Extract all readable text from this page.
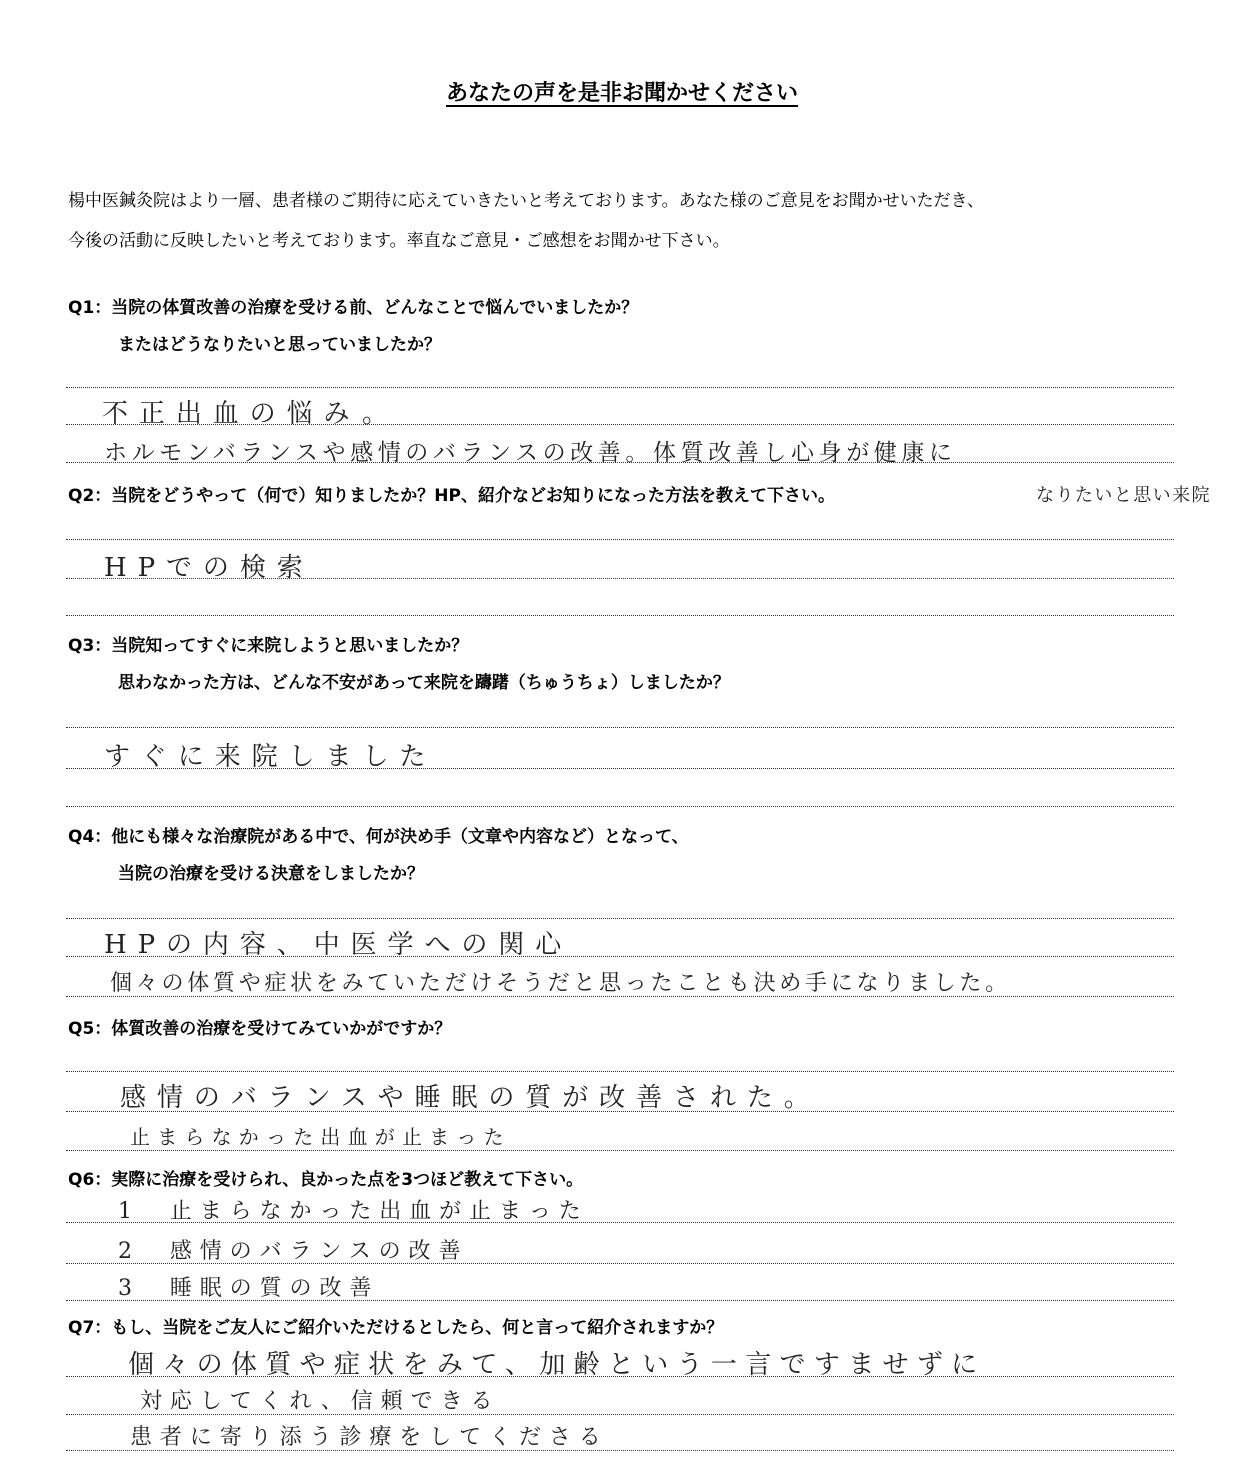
あなたの声を是非お聞かせください
楊中医鍼灸院はより一層、患者様のご期待に応えていきたいと考えております。あなた様のご意見をお聞かせいただき、
今後の活動に反映したいと考えております。率直なご意見・ご感想をお聞かせ下さい。
Q1：当院の体質改善の治療を受ける前、どんなことで悩んでいましたか？
またはどうなりたいと思っていましたか？
不正出血の悩み。
ホルモンバランスや感情のバランスの改善。体質改善し心身が健康に
なりたいと思い来院
Q2：当院をどうやって（何で）知りましたか？HP、紹介などお知りになった方法を教えて下さい。
HPでの検索
Q3：当院知ってすぐに来院しようと思いましたか？
思わなかった方は、どんな不安があって来院を躊躇（ちゅうちょ）しましたか？
すぐに来院しました
Q4：他にも様々な治療院がある中で、何が決め手（文章や内容など）となって、
当院の治療を受ける決意をしましたか？
HPの内容、中医学への関心
個々の体質や症状をみていただけそうだと思ったことも決め手になりました。
Q5：体質改善の治療を受けてみていかがですか？
感情のバランスや睡眠の質が改善された。
止まらなかった出血が止まった
Q6：実際に治療を受けられ、良かった点を3つほど教えて下さい。
1　止まらなかった出血が止まった
2　感情のバランスの改善
3　睡眠の質の改善
Q7：もし、当院をご友人にご紹介いただけるとしたら、何と言って紹介されますか？
個々の体質や症状をみて、加齢という一言ですませずに
対応してくれ、信頼できる
患者に寄り添う診療をしてくださる
